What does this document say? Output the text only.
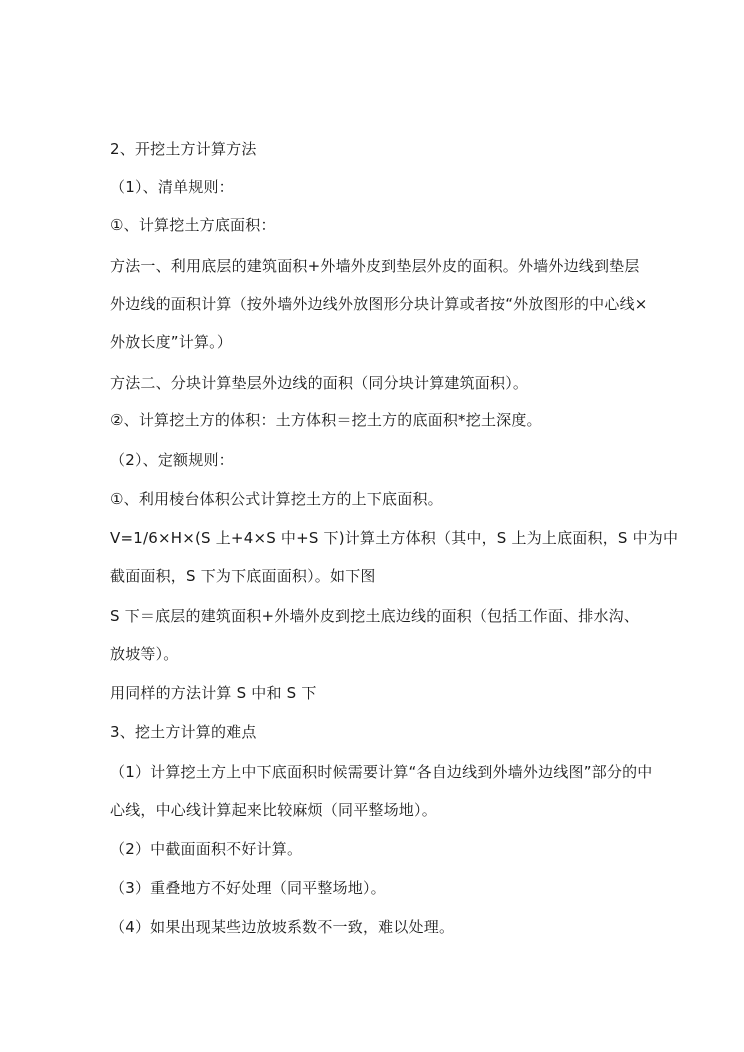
2、开挖土方计算方法
（1）、清单规则：
①、计算挖土方底面积：
方法一、利用底层的建筑面积+外墙外皮到垫层外皮的面积。外墙外边线到垫层
外边线的面积计算（按外墙外边线外放图形分块计算或者按“外放图形的中心线×
外放长度”计算。）
方法二、分块计算垫层外边线的面积（同分块计算建筑面积）。
②、计算挖土方的体积：土方体积＝挖土方的底面积*挖土深度。
（2）、定额规则：
①、利用棱台体积公式计算挖土方的上下底面积。
V=1/6×H×(S 上+4×S 中+S 下)计算土方体积（其中，S 上为上底面积，S 中为中
截面面积，S 下为下底面面积）。如下图
S 下＝底层的建筑面积+外墙外皮到挖土底边线的面积（包括工作面、排水沟、
放坡等）。
用同样的方法计算 S 中和 S 下
3、挖土方计算的难点
（1）计算挖土方上中下底面积时候需要计算“各自边线到外墙外边线图”部分的中
心线，中心线计算起来比较麻烦（同平整场地）。
（2）中截面面积不好计算。
（3）重叠地方不好处理（同平整场地）。
（4）如果出现某些边放坡系数不一致，难以处理。
